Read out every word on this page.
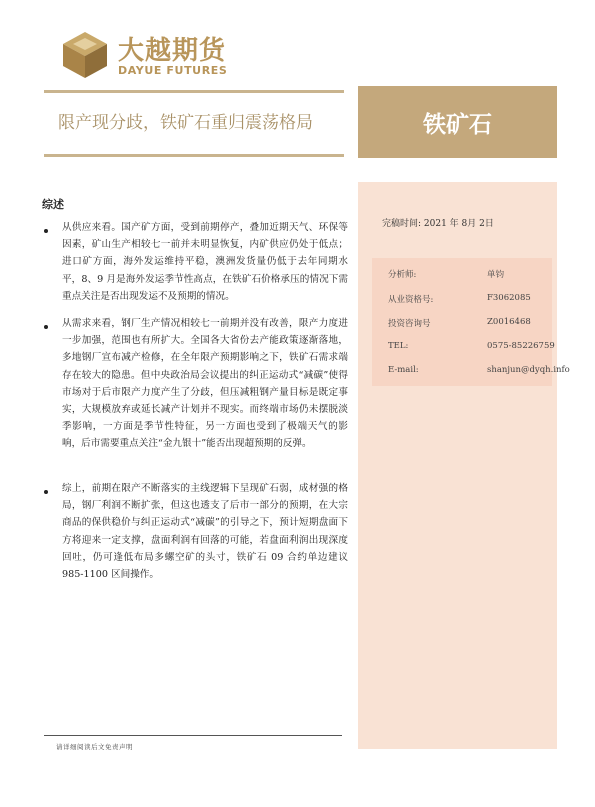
大越期货
DAYUE FUTURES
限产现分歧，铁矿石重归震荡格局	铁矿石
完稿时间: 2021 年 8月 2日
分析师:	单钧
从业资格号:	F3062085
投资咨询号	Z0016468
TEL:	0575-85226759
E-mail:	shanjun@dyqh.info
综述

从供应来看。国产矿方面，受到前期停产，叠加近期天气、环保等因素，矿山生产相较七一前并未明显恢复，内矿供应仍处于低点；进口矿方面，海外发运维持平稳，澳洲发货量仍低于去年同期水平，8、9 月是海外发运季节性高点，在铁矿石价格承压的情况下需重点关注是否出现发运不及预期的情况。

从需求来看，钢厂生产情况相较七一前期并没有改善，限产力度进一步加强，范围也有所扩大。全国各大省份去产能政策逐渐落地，多地钢厂宣布减产检修，在全年限产预期影响之下，铁矿石需求端存在较大的隐患。但中央政治局会议提出的纠正运动式“减碳”使得市场对于后市限产力度产生了分歧，但压减粗钢产量目标是既定事实，大规模放弃或延长减产计划并不现实。而终端市场仍未摆脱淡季影响，一方面是季节性特征，另一方面也受到了极端天气的影响，后市需要重点关注“金九银十”能否出现超预期的反弹。

综上，前期在限产不断落实的主线逻辑下呈现矿石弱，成材强的格局，钢厂利润不断扩张，但这也透支了后市一部分的预期，在大宗商品的保供稳价与纠正运动式“减碳”的引导之下，预计短期盘面下方将迎来一定支撑，盘面利润有回落的可能，若盘面利润出现深度回吐，仍可逢低布局多螺空矿的头寸，铁矿石 09 合约单边建议 985-1100 区间操作。

请详细阅读后文免责声明
